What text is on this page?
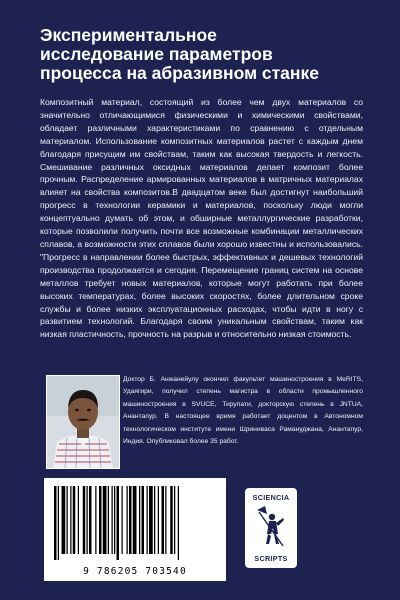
Экспериментальное
исследование параметров
процесса на абразивном станке
Композитный материал, состоящий из более чем двух материалов со значительно отличающимися физическими и химическими свойствами, обладает различными характеристиками по сравнению с отдельным материалом. Использование композитных материалов растет с каждым днем благодаря присущим им свойствам, таким как высокая твердость и легкость. Смешивание различных оксидных материалов делает композит более прочным. Распределение армированных материалов в матричных материалах влияет на свойства композитов.В двадцатом веке был достигнут наибольший прогресс в технологии керамики и материалов, поскольку люди могли концептуально думать об этом, и обширные металлургические разработки, которые позволили получить почти все возможные комбинации металлических сплавов, а возможности этих сплавов были хорошо известны и использовались. "Прогресс в направлении более быстрых, эффективных и дешевых технологий производства продолжается и сегодня. Перемещение границ систем на основе металлов требует новых материалов, которые могут работать при более высоких температурах, более высоких скоростях, более длительном сроке службы и более низких эксплуатационных расходах, чтобы идти в ногу с развитием технологий. Благодаря своим уникальным свойствам, таким как низкая пластичность, прочность на разрыв и относительно низкая стоимость.
Доктор Б. Анжанейулу окончил факультет машиностроения в MeRITS, Удаягири, получил степень магистра в области промышленного машиностроения в SVUCE, Тирупати, докторскую степень в JNTUA, Анантапур. В настоящее время работает доцентом в Автономном технологическом институте имени Шриниваса Рамануджана, Анантапур, Индия. Опубликовал более 35 работ.
9 786205 703540
SCIENCIA
SCRIPTS
